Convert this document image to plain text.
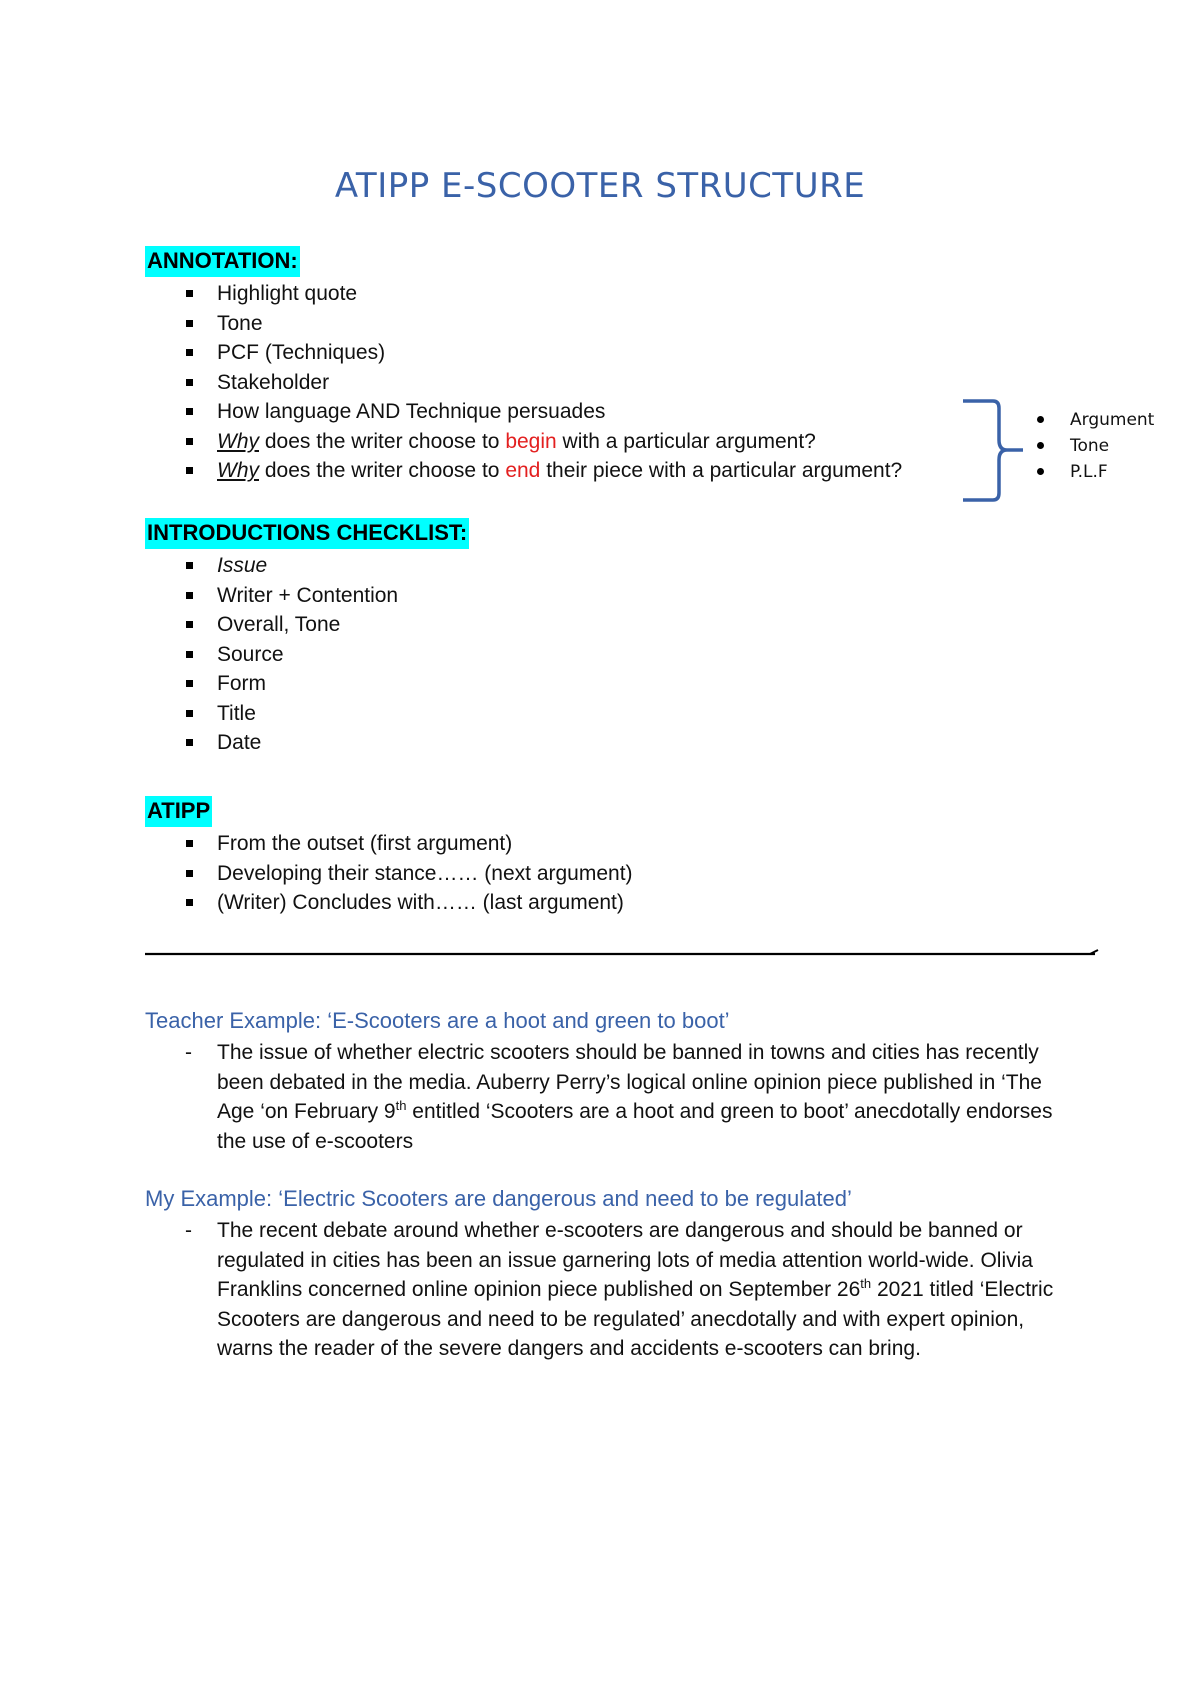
ATIPP E-SCOOTER STRUCTURE
ANNOTATION:
Highlight quote
Tone
PCF (Techniques)
Stakeholder
How language AND Technique persuades
Why does the writer choose to begin with a particular argument?
Why does the writer choose to end their piece with a particular argument?
Argument
Tone
P.L.F
INTRODUCTIONS CHECKLIST:
Issue
Writer + Contention
Overall, Tone
Source
Form
Title
Date
ATIPP
From the outset (first argument)
Developing their stance…… (next argument)
(Writer) Concludes with…… (last argument)
Teacher Example: ‘E-Scooters are a hoot and green to boot’

- The issue of whether electric scooters should be banned in towns and cities has recently been debated in the media. Auberry Perry’s logical online opinion piece published in ‘The Age ‘on February 9th entitled ‘Scooters are a hoot and green to boot’ anecdotally endorses the use of e-scooters

My Example: ‘Electric Scooters are dangerous and need to be regulated’

- The recent debate around whether e-scooters are dangerous and should be banned or regulated in cities has been an issue garnering lots of media attention world-wide. Olivia Franklins concerned online opinion piece published on September 26th 2021 titled ‘Electric Scooters are dangerous and need to be regulated’ anecdotally and with expert opinion, warns the reader of the severe dangers and accidents e-scooters can bring.
